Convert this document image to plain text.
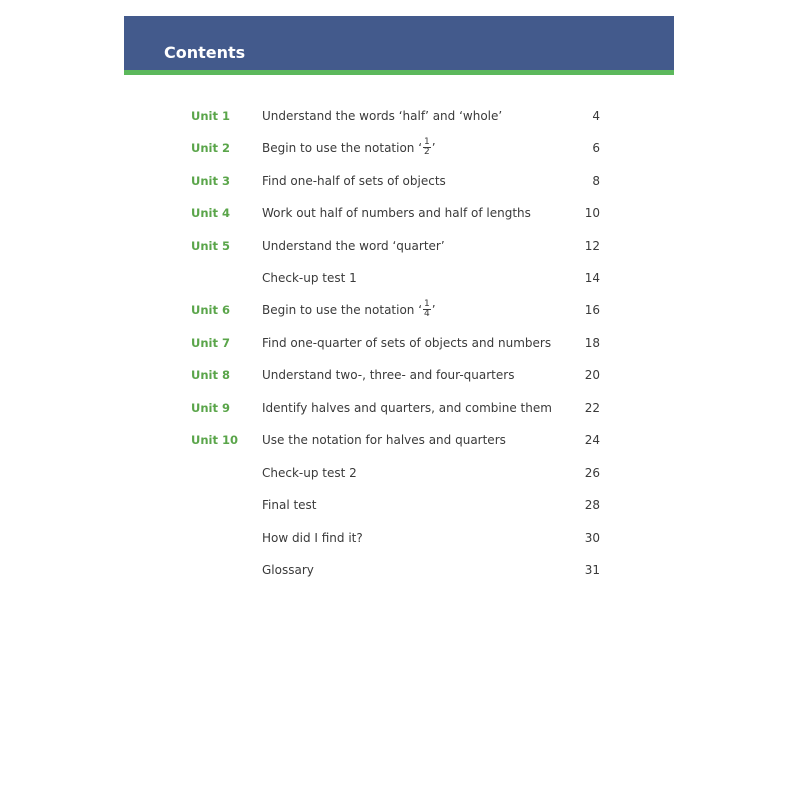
Contents
Unit 1	Understand the words ‘half’ and ‘whole’	4
Unit 2	Begin to use the notation ‘ $\frac{1}{2}$ ’	6
Unit 3	Find one-half of sets of objects	8
Unit 4	Work out half of numbers and half of lengths	10
Unit 5	Understand the word ‘quarter’	12
Check-up test 1	14
Unit 6	Begin to use the notation ‘ $\frac{1}{4}$ ’	16
Unit 7	Find one-quarter of sets of objects and numbers	18
Unit 8	Understand two-, three- and four-quarters	20
Unit 9	Identify halves and quarters, and combine them	22
Unit 10 Use the notation for halves and quarters	24
Check-up test 2	26
Final test	28
How did I find it?	30
Glossary	31
